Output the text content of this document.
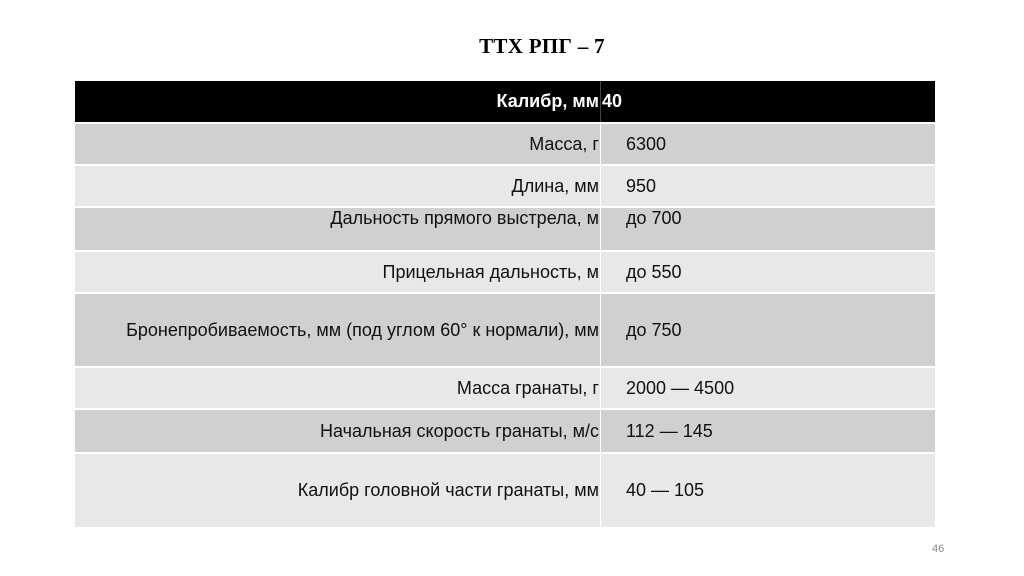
ТТХ РПГ – 7
Калибр, мм 40
Масса, г	6300
Длина, мм	950
Дальность прямого выстрела, м	до 700
Прицельная дальность, м	до 550
Бронепробиваемость, мм (под углом 60° к нормали), мм	до 750
Масса гранаты, г	2000 — 4500
Начальная скорость гранаты, м/с	112 — 145
Калибр головной части гранаты, мм	40 — 105
46
